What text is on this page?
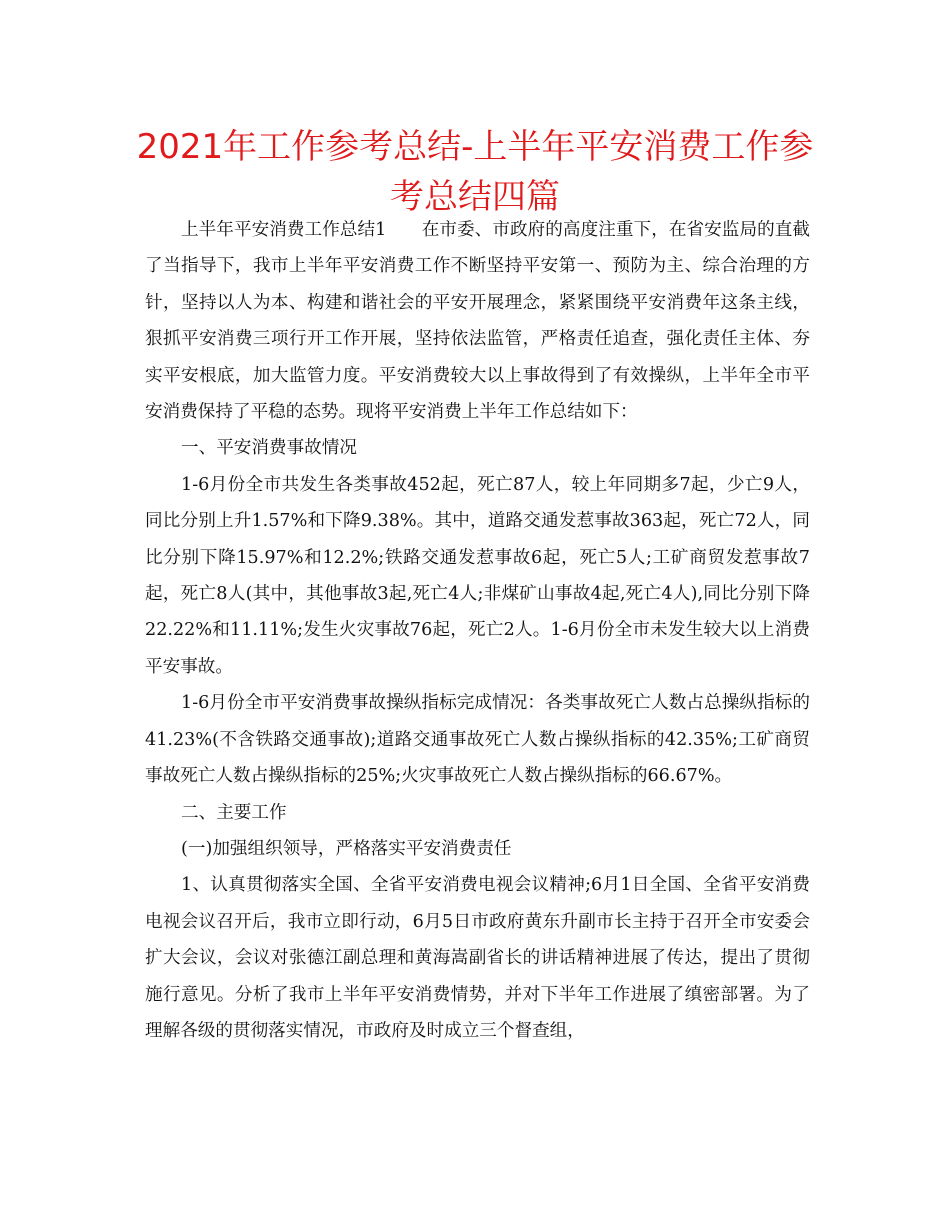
2021年工作参考总结-上半年平安消费工作参考总结四篇

上半年平安消费工作总结1　　在市委、市政府的高度注重下，在省安监局的直截了当指导下，我市上半年平安消费工作不断坚持平安第一、预防为主、综合治理的方针，坚持以人为本、构建和谐社会的平安开展理念，紧紧围绕平安消费年这条主线，狠抓平安消费三项行开工作开展，坚持依法监管，严格责任追查，强化责任主体、夯实平安根底，加大监管力度。平安消费较大以上事故得到了有效操纵，上半年全市平安消费保持了平稳的态势。现将平安消费上半年工作总结如下：

一、平安消费事故情况

1-6月份全市共发生各类事故452起，死亡87人，较上年同期多7起，少亡9人，同比分别上升1.57%和下降9.38%。其中，道路交通发惹事故363起，死亡72人，同比分别下降15.97%和12.2%;铁路交通发惹事故6起，死亡5人;工矿商贸发惹事故7起，死亡8人(其中，其他事故3起,死亡4人;非煤矿山事故4起,死亡4人),同比分别下降22.22%和11.11%;发生火灾事故76起，死亡2人。1-6月份全市未发生较大以上消费平安事故。

1-6月份全市平安消费事故操纵指标完成情况：各类事故死亡人数占总操纵指标的41.23%(不含铁路交通事故);道路交通事故死亡人数占操纵指标的42.35%;工矿商贸事故死亡人数占操纵指标的25%;火灾事故死亡人数占操纵指标的66.67%。

二、主要工作

(一)加强组织领导，严格落实平安消费责任

1、认真贯彻落实全国、全省平安消费电视会议精神;6月1日全国、全省平安消费电视会议召开后，我市立即行动，6月5日市政府黄东升副市长主持于召开全市安委会扩大会议，会议对张德江副总理和黄海嵩副省长的讲话精神进展了传达，提出了贯彻施行意见。分析了我市上半年平安消费情势，并对下半年工作进展了缜密部署。为了理解各级的贯彻落实情况，市政府及时成立三个督查组，
